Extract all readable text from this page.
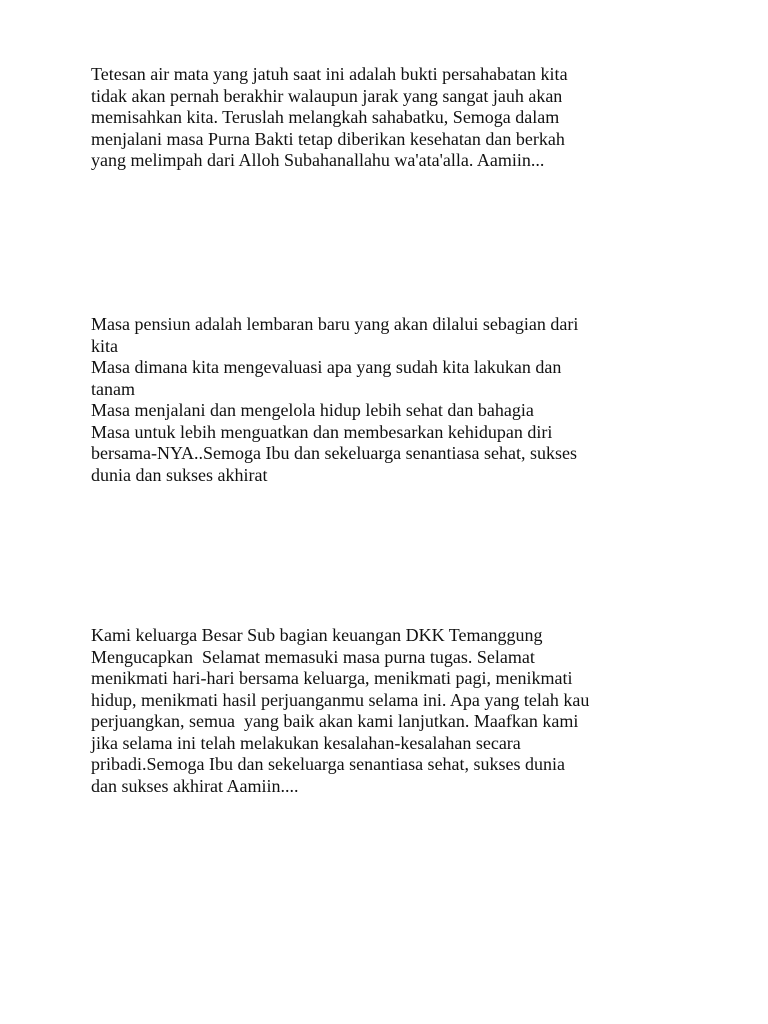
Tetesan air mata yang jatuh saat ini adalah bukti persahabatan kita
tidak akan pernah berakhir walaupun jarak yang sangat jauh akan
memisahkan kita. Teruslah melangkah sahabatku, Semoga dalam
menjalani masa Purna Bakti tetap diberikan kesehatan dan berkah
yang melimpah dari Alloh Subahanallahu wa'ata'alla. Aamiin...
Masa pensiun adalah lembaran baru yang akan dilalui sebagian dari
kita
Masa dimana kita mengevaluasi apa yang sudah kita lakukan dan
tanam
Masa menjalani dan mengelola hidup lebih sehat dan bahagia
Masa untuk lebih menguatkan dan membesarkan kehidupan diri
bersama-NYA..Semoga Ibu dan sekeluarga senantiasa sehat, sukses
dunia dan sukses akhirat
Kami keluarga Besar Sub bagian keuangan DKK Temanggung
Mengucapkan  Selamat memasuki masa purna tugas. Selamat
menikmati hari-hari bersama keluarga, menikmati pagi, menikmati
hidup, menikmati hasil perjuanganmu selama ini. Apa yang telah kau
perjuangkan, semua  yang baik akan kami lanjutkan. Maafkan kami
jika selama ini telah melakukan kesalahan-kesalahan secara
pribadi.Semoga Ibu dan sekeluarga senantiasa sehat, sukses dunia
dan sukses akhirat Aamiin....
